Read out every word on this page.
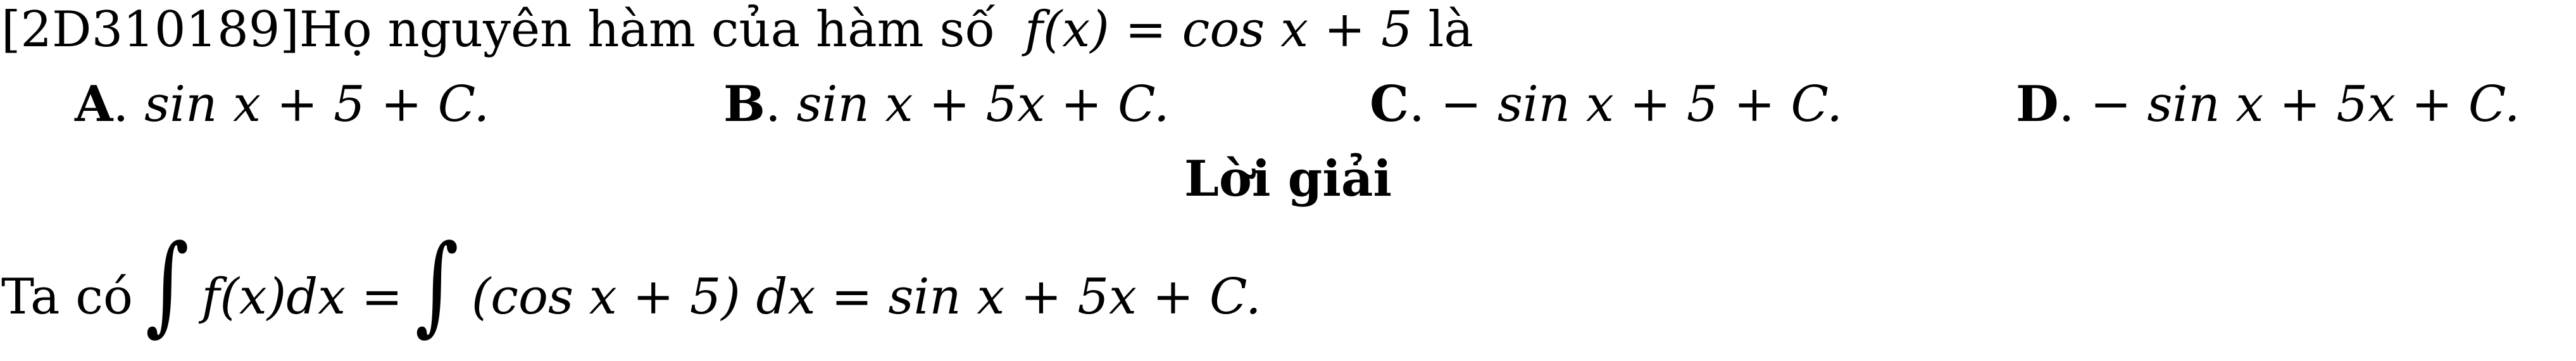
[2D310189]Họ nguyên hàm của hàm số f(x) = cos x + 5 là
A. sin x + 5 + C.	B. sin x + 5x + C.	C. − sin x + 5 + C.	D. − sin x + 5x + C.
Lời giải
Ta có ∫ f(x)dx = ∫ (cos x + 5) dx = sin x + 5x + C.
